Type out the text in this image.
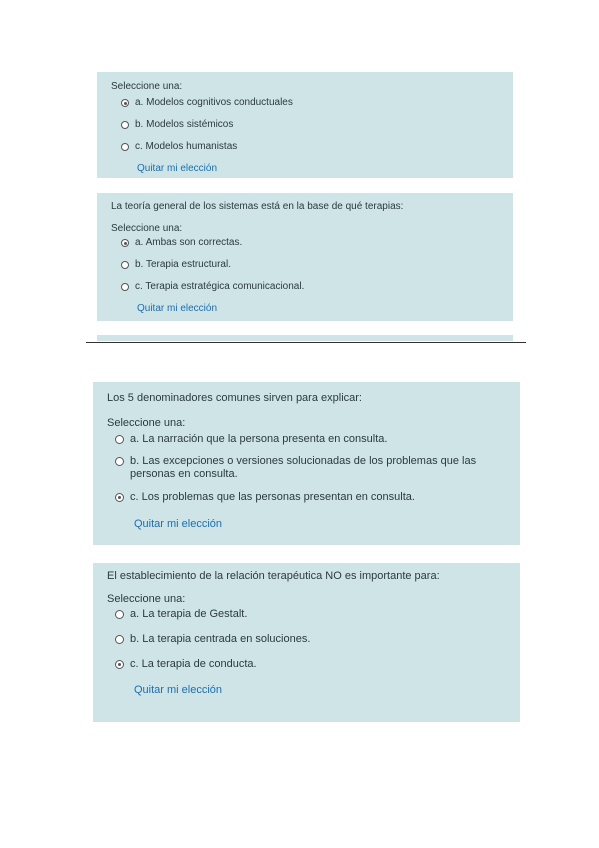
Seleccione una:

a. Modelos cognitivos conductuales
b. Modelos sistémicos
c. Modelos humanistas
Quitar mi elección

La teoría general de los sistemas está en la base de qué terapias:

Seleccione una:

a. Ambas son correctas.
b. Terapia estructural.
c. Terapia estratégica comunicacional.
Quitar mi elección

Los 5 denominadores comunes sirven para explicar:

Seleccione una:

a. La narración que la persona presenta en consulta.
b. Las excepciones o versiones solucionadas de los problemas que las personas en consulta.
c. Los problemas que las personas presentan en consulta.
Quitar mi elección

El establecimiento de la relación terapéutica NO es importante para:

Seleccione una:

a. La terapia de Gestalt.
b. La terapia centrada en soluciones.
c. La terapia de conducta.
Quitar mi elección
